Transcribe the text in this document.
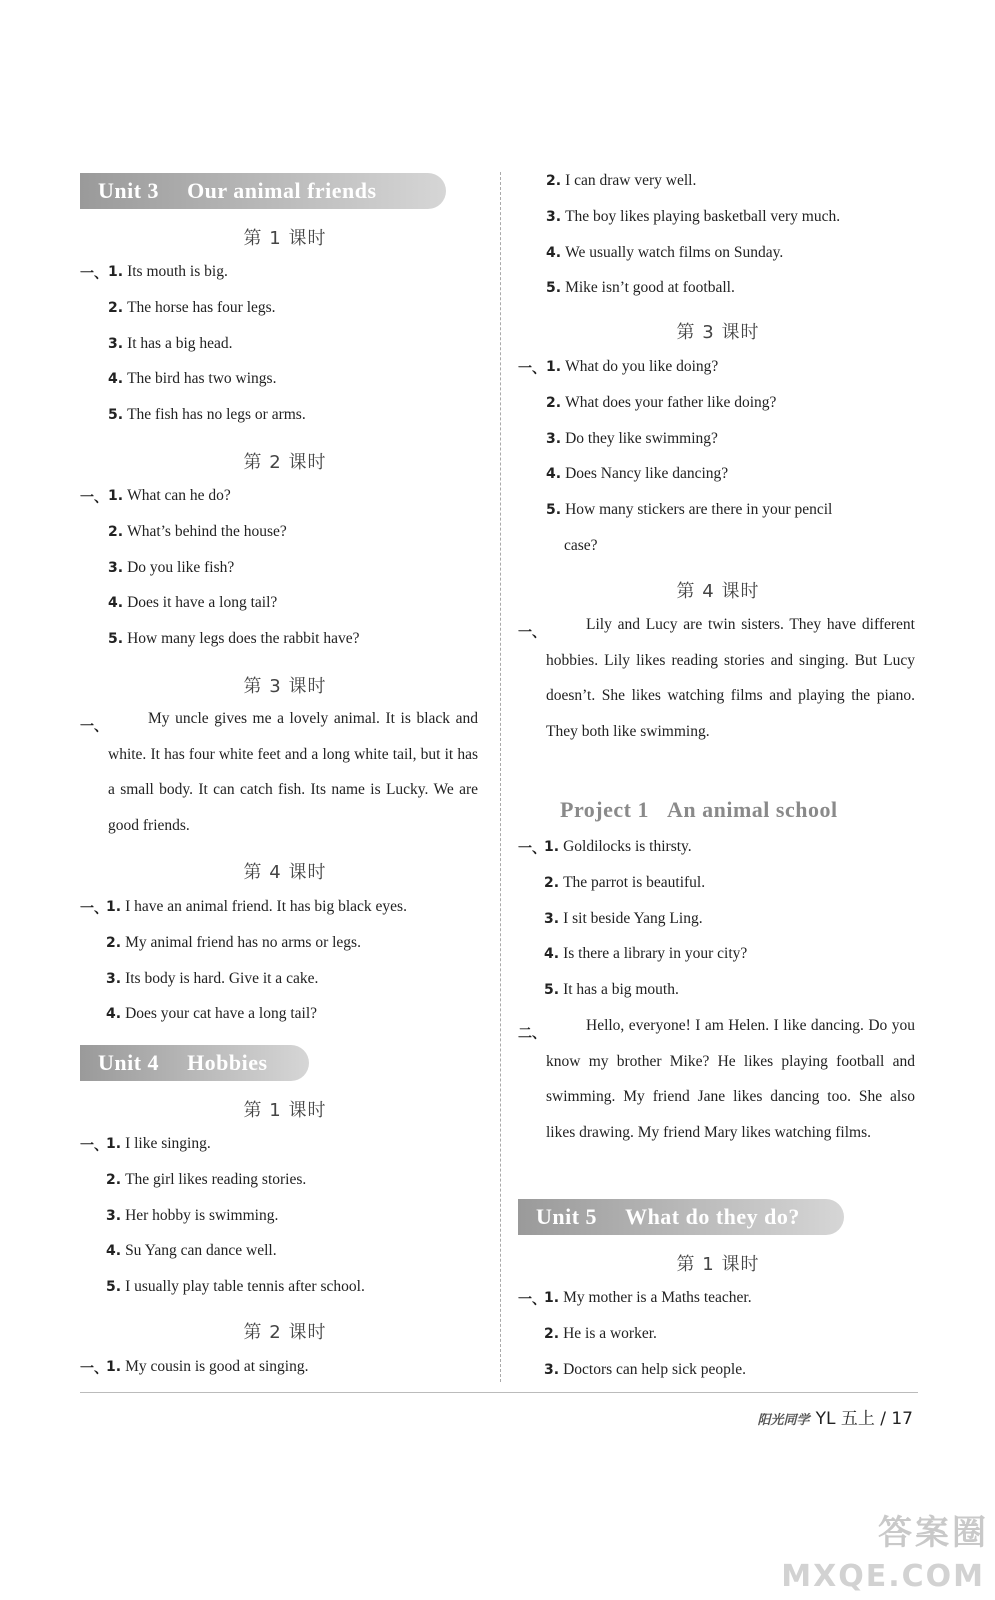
Unit 3 Our animal friends
第 1 课时
一、 1. Its mouth is big.
2. The horse has four legs.
3. It has a big head.
4. The bird has two wings.
5. The fish has no legs or arms.
第 2 课时
一、 1. What can he do?
2. What’s behind the house?
3. Do you like fish?
4. Does it have a long tail?
5. How many legs does the rabbit have?
第 3 课时
一、	My uncle gives me a lovely animal. It is black and white. It has four white feet and a long white tail, but it has a small body. It can catch fish. Its name is Lucky. We are good friends.
第 4 课时
一、
1. I have an animal friend. It has big black eyes.
2. My animal friend has no arms or legs.
3. Its body is hard. Give it a cake.
4. Does your cat have a long tail?
Unit 4 Hobbies
第 1 课时
一、
1. I like singing.
2. The girl likes reading stories.
3. Her hobby is swimming.
4. Su Yang can dance well.
5. I usually play table tennis after school.
第 2 课时
一、
1. My cousin is good at singing.
2. I can draw very well.
3. The boy likes playing basketball very much.
4. We usually watch films on Sunday.
5. Mike isn’t good at football.
第 3 课时
一、 1. What do you like doing?
2. What does your father like doing?
3. Do they like swimming?
4. Does Nancy like dancing?
5. How many stickers are there in your pencil
case?
第 4 课时
一、	Lily and Lucy are twin sisters. They have different hobbies. Lily likes reading stories and singing. But Lucy doesn’t. She likes watching films and playing the piano. They both like swimming.
Project 1 An animal school
一、
1. Goldilocks is thirsty.
2. The parrot is beautiful.
3. I sit beside Yang Ling.
4. Is there a library in your city?
5. It has a big mouth.
二、	Hello, everyone! I am Helen. I like dancing. Do you know my brother Mike? He likes playing football and swimming. My friend Jane likes dancing too. She also likes drawing. My friend Mary likes watching films.
Unit 5 What do they do?
第 1 课时
一、
1. My mother is a Maths teacher.
2. He is a worker.
3. Doctors can help sick people.
阳光同学 YL 五上 / 17
答案圈
MXQE.COM
